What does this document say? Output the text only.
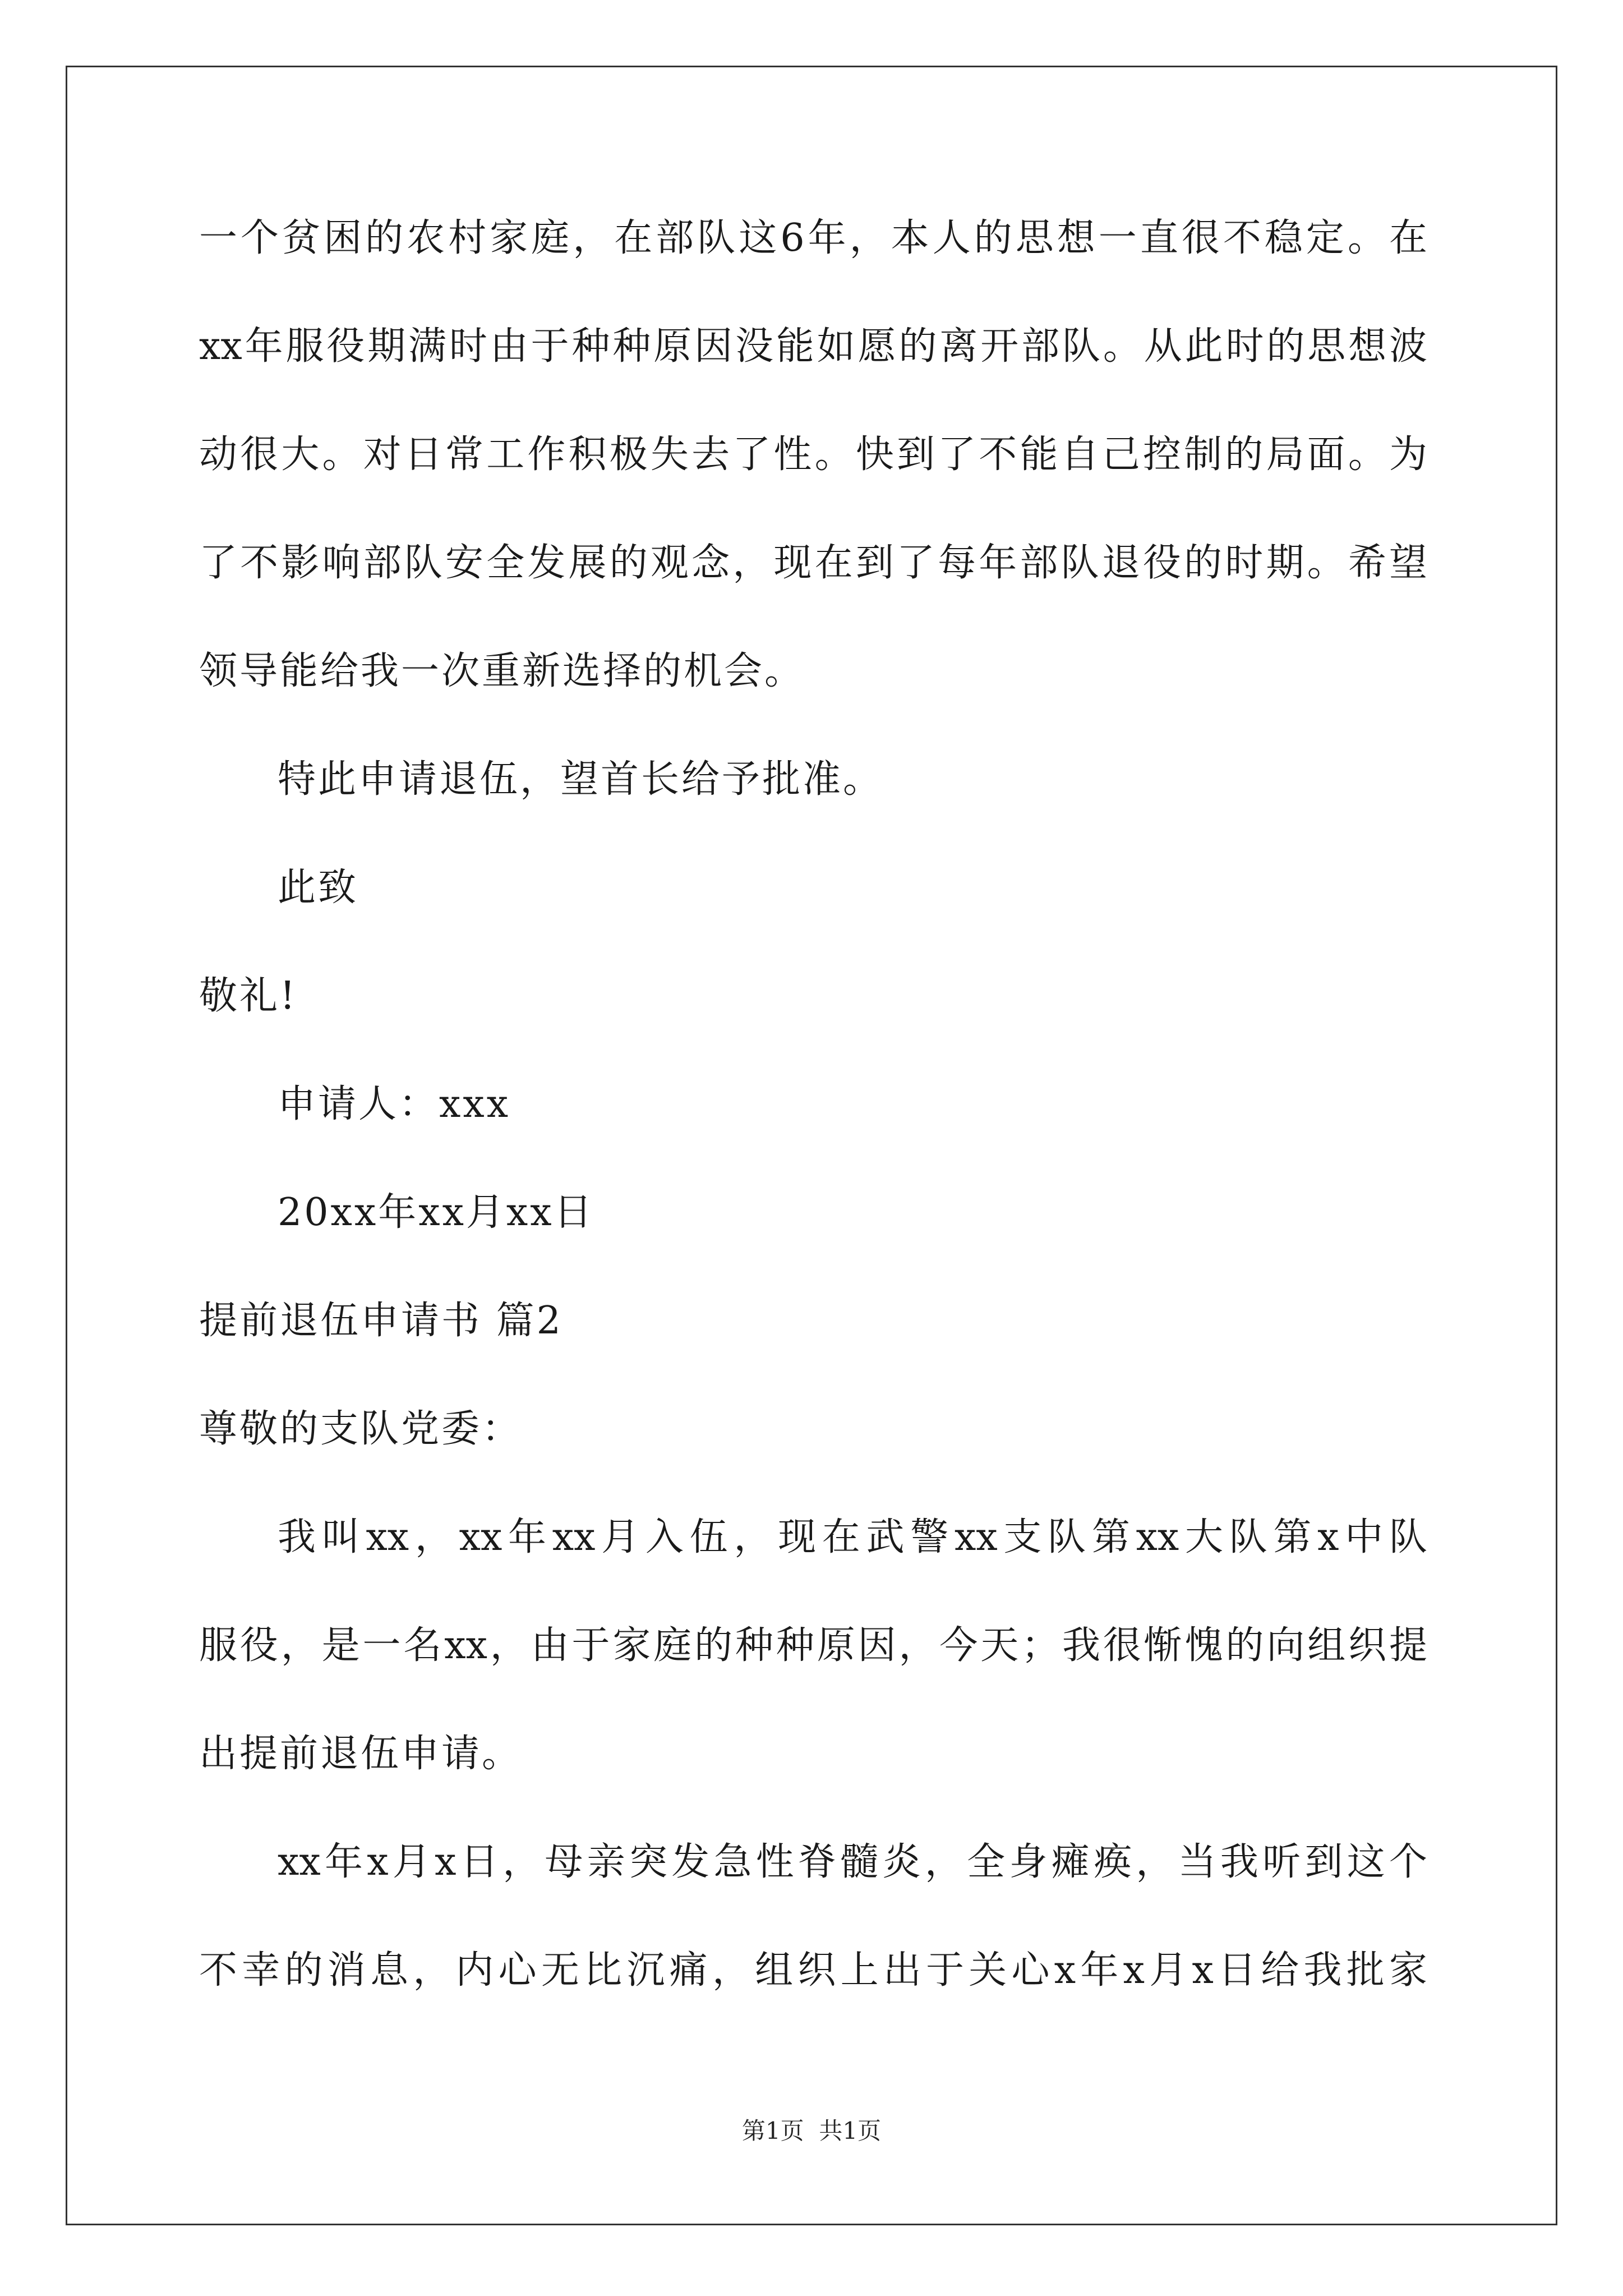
一个贫困的农村家庭，在部队这6年，本人的思想一直很不稳定。在
xx年服役期满时由于种种原因没能如愿的离开部队。从此时的思想波
动很大。对日常工作积极失去了性。快到了不能自己控制的局面。为
了不影响部队安全发展的观念，现在到了每年部队退役的时期。希望
领导能给我一次重新选择的机会。
特此申请退伍，望首长给予批准。
此致
敬礼!
申请人：xxx
20xx年xx月xx日
提前退伍申请书 篇2
尊敬的支队党委：
我叫xx，xx年xx月入伍，现在武警xx支队第xx大队第x中队
服役，是一名xx，由于家庭的种种原因，今天；我很惭愧的向组织提
出提前退伍申请。
xx年x月x日，母亲突发急性脊髓炎，全身瘫痪，当我听到这个
不幸的消息，内心无比沉痛，组织上出于关心x年x月x日给我批家
第1页  共1页
